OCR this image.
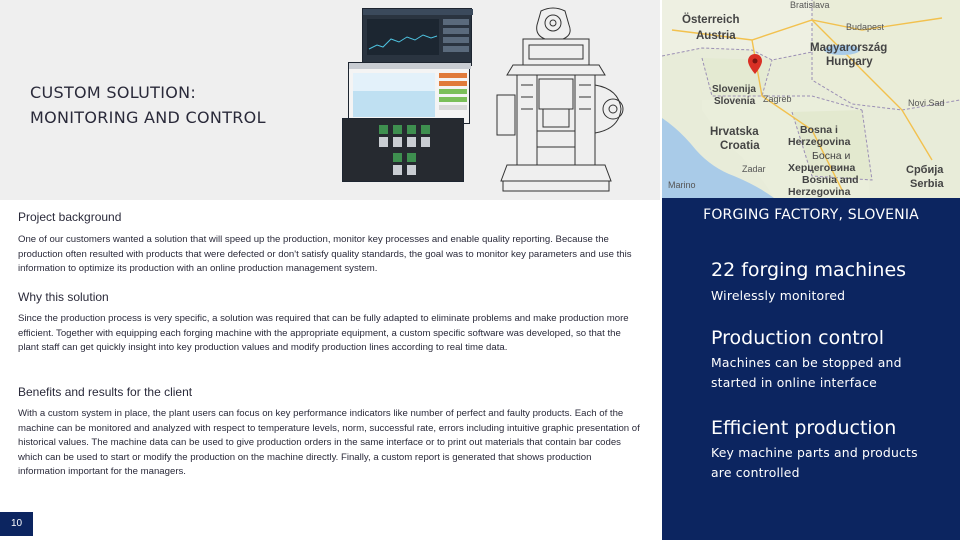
CUSTOM SOLUTION:
MONITORING AND CONTROL
Project background

One of our customers wanted a solution that will speed up the production, monitor key processes and enable quality reporting. Because the production often resulted with products that were defected or don't satisfy quality standards, the goal was to monitor key parameters and use this information to optimize its production with an online production management system.

Why this solution

Since the production process is very specific, a solution was required that can be fully adapted to eliminate problems and make production more efficient. Together with equipping each forging machine with the appropriate equipment, a custom specific software was developed, so that the plant staff can get quickly insight into key production values and modify production lines according to real time data.

Benefits and results for the client

With a custom system in place, the plant users can focus on key performance indicators like number of perfect and faulty products. Each of the machine can be monitored and analyzed with respect to temperature levels, norm, successful rate, errors including intuitive graphic presentation of historical values. The machine data can be used to give production orders in the same interface or to print out materials that contain bar codes which can be used to start or modify the production on the machine directly. Finally, a custom report is generated that shows production information important for the managers.

10
Österreich
Austria
Bratislava
Budapest
Magyarország
Hungary
Slovenija
Slovenia Zagreb
Hrvatska
Croatia
Bosna i
Herzegovina
Босна и
Херцеговина
Bosnia and
Herzegovina
Србија
Serbia
Zadar
Marino
Novi Sad
FORGING FACTORY, SLOVENIA
22 forging machines
Wirelessly monitored
Production control
Machines can be stopped and started in online interface
Efficient production
Key machine parts and products are controlled
